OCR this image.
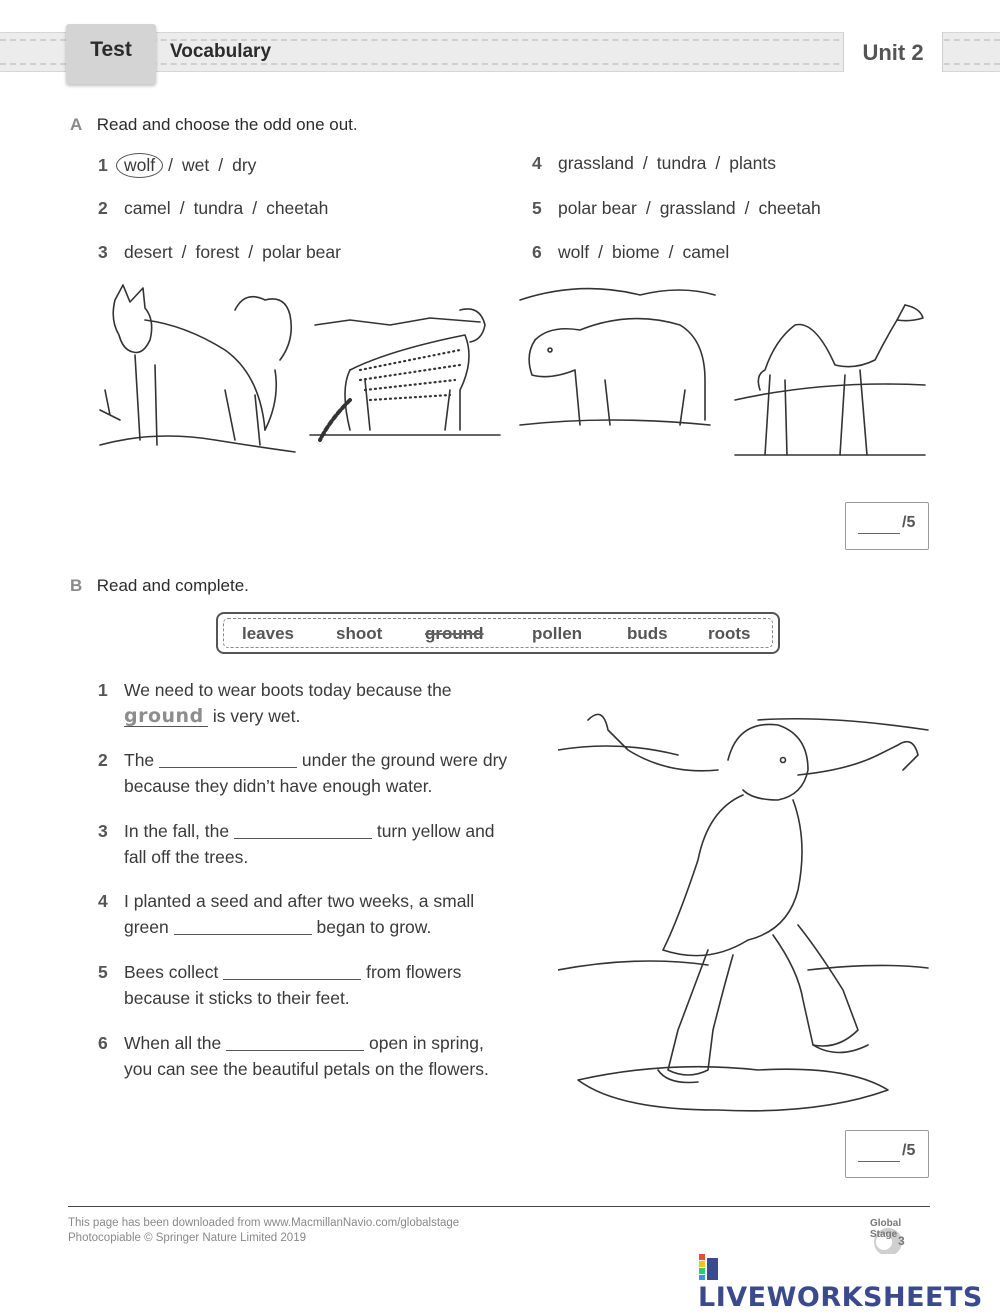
Test	Vocabulary	Unit 2
A Read and choose the odd one out.
1 wolf / wet / dry
2 camel / tundra / cheetah
3 desert / forest / polar bear
4 grassland / tundra / plants
5 polar bear / grassland / cheetah
6 wolf / biome / camel
/5
B Read and complete.
leaves shoot	ground	pollen	buds roots
1 We need to wear boots today because the
ground is very wet.
2 The	under the ground were dry
because they didn’t have enough water.
3 In the fall, the	turn yellow and
fall off the trees.
4 I planted a seed and after two weeks, a small
green	began to grow.
5 Bees collect	from flowers
because it sticks to their feet.
6 When all the	open in spring,
you can see the beautiful petals on the flowers.
/5
This page has been downloaded from www.MacmillanNavio.com/globalstage
Photocopiable © Springer Nature Limited 2019
Global Stage 3
LIVEWORKSHEETS
